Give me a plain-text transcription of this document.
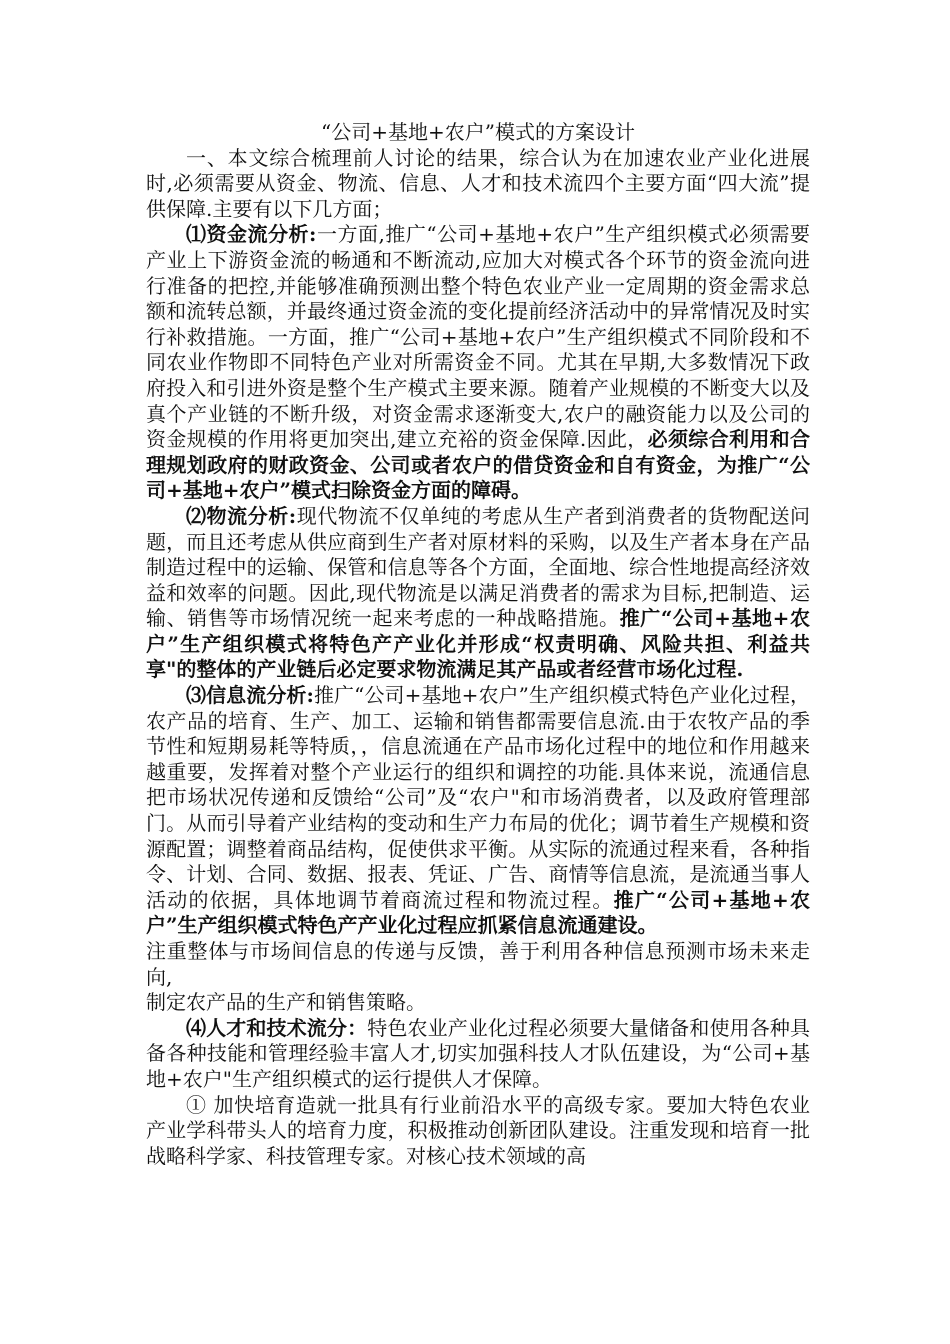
“公司+基地+农户”模式的方案设计

一、本文综合梳理前人讨论的结果，综合认为在加速农业产业化进展时,必须需要从资金、物流、信息、人才和技术流四个主要方面“四大流”提供保障.主要有以下几方面；

⑴资金流分析:一方面,推广“公司+基地+农户”生产组织模式必须需要产业上下游资金流的畅通和不断流动,应加大对模式各个环节的资金流向进行准备的把控,并能够准确预测出整个特色农业产业一定周期的资金需求总额和流转总额，并最终通过资金流的变化提前经济活动中的异常情况及时实行补救措施。一方面，推广“公司+基地+农户”生产组织模式不同阶段和不同农业作物即不同特色产业对所需资金不同。尤其在早期,大多数情况下政府投入和引进外资是整个生产模式主要来源。随着产业规模的不断变大以及真个产业链的不断升级，对资金需求逐渐变大,农户的融资能力以及公司的资金规模的作用将更加突出,建立充裕的资金保障.因此，必须综合利用和合理规划政府的财政资金、公司或者农户的借贷资金和自有资金，为推广“公司+基地+农户”模式扫除资金方面的障碍。

⑵物流分析:现代物流不仅单纯的考虑从生产者到消费者的货物配送问题，而且还考虑从供应商到生产者对原材料的采购，以及生产者本身在产品制造过程中的运输、保管和信息等各个方面，全面地、综合性地提高经济效益和效率的问题。因此,现代物流是以满足消费者的需求为目标,把制造、运输、销售等市场情况统一起来考虑的一种战略措施。推广“公司+基地+农户”生产组织模式将特色产产业化并形成“权责明确、风险共担、利益共享"的整体的产业链后必定要求物流满足其产品或者经营市场化过程.

⑶信息流分析:推广“公司+基地+农户”生产组织模式特色产业化过程，农产品的培育、生产、加工、运输和销售都需要信息流.由于农牧产品的季节性和短期易耗等特质，，信息流通在产品市场化过程中的地位和作用越来越重要，发挥着对整个产业运行的组织和调控的功能.具体来说，流通信息把市场状况传递和反馈给“公司”及“农户"和市场消费者，以及政府管理部门。从而引导着产业结构的变动和生产力布局的优化；调节着生产规模和资源配置；调整着商品结构，促使供求平衡。从实际的流通过程来看，各种指令、计划、合同、数据、报表、凭证、广告、商情等信息流，是流通当事人活动的依据，具体地调节着商流过程和物流过程。推广“公司+基地+农户”生产组织模式特色产产业化过程应抓紧信息流通建设。

注重整体与市场间信息的传递与反馈，善于利用各种信息预测市场未来走向,

制定农产品的生产和销售策略。

⑷人才和技术流分：特色农业产业化过程必须要大量储备和使用各种具备各种技能和管理经验丰富人才,切实加强科技人才队伍建设，为“公司+基地+农户"生产组织模式的运行提供人才保障。

① 加快培育造就一批具有行业前沿水平的高级专家。要加大特色农业产业学科带头人的培育力度，积极推动创新团队建设。注重发现和培育一批战略科学家、科技管理专家。对核心技术领域的高
